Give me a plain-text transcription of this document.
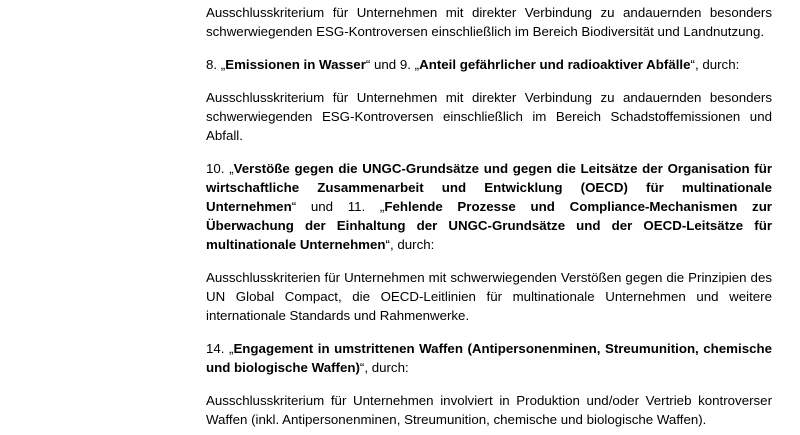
Ausschlusskriterium für Unternehmen mit direkter Verbindung zu andauernden besonders schwerwiegenden ESG-Kontroversen einschließlich im Bereich Biodiversität und Landnutzung.

8. „Emissionen in Wasser“ und 9. „Anteil gefährlicher und radioaktiver Abfälle“, durch:

Ausschlusskriterium für Unternehmen mit direkter Verbindung zu andauernden besonders schwerwiegenden ESG-Kontroversen einschließlich im Bereich Schadstoffemissionen und Abfall.

10. „Verstöße gegen die UNGC-Grundsätze und gegen die Leitsätze der Organisation für wirtschaftliche Zusammenarbeit und Entwicklung (OECD) für multinationale Unternehmen“ und 11. „Fehlende Prozesse und Compliance-Mechanismen zur Überwachung der Einhaltung der UNGC-Grundsätze und der OECD-Leitsätze für multinationale Unternehmen“, durch:

Ausschlusskriterien für Unternehmen mit schwerwiegenden Verstößen gegen die Prinzipien des UN Global Compact, die OECD-Leitlinien für multinationale Unternehmen und weitere internationale Standards und Rahmenwerke.

14. „Engagement in umstrittenen Waffen (Antipersonenminen, Streumunition, chemische und biologische Waffen)“, durch:

Ausschlusskriterium für Unternehmen involviert in Produktion und/oder Vertrieb kontroverser Waffen (inkl. Antipersonenminen, Streumunition, chemische und biologische Waffen).
